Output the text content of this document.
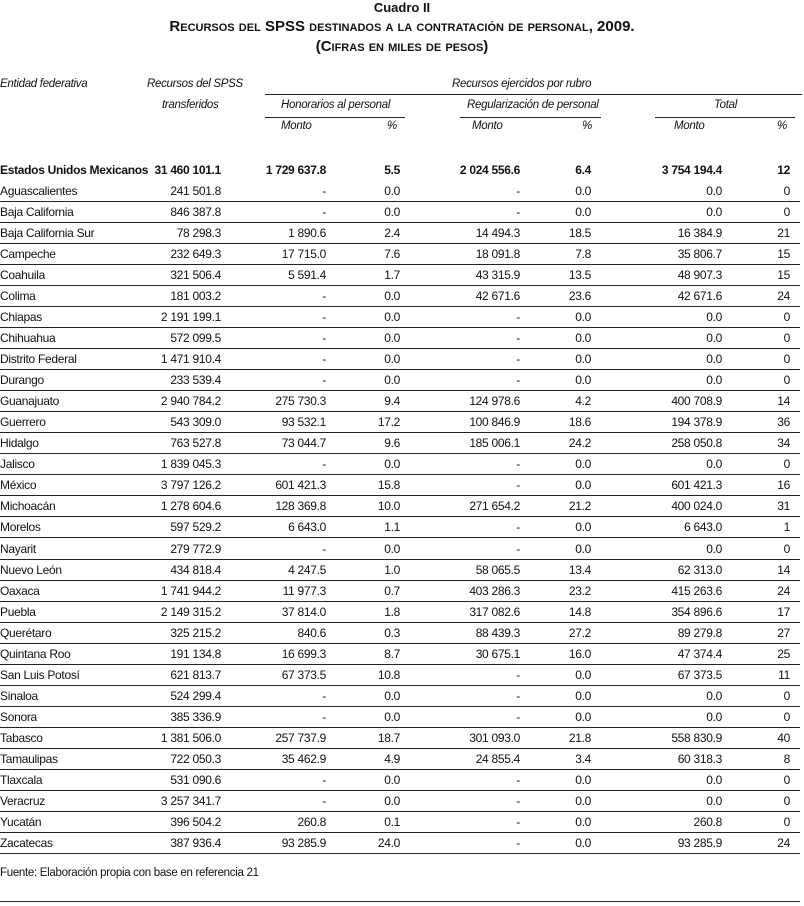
Cuadro II
Recursos del SPSS destinados a la contratación de personal, 2009.
(Cifras en miles de pesos)
Entidad federativa	Recursos del SPSS
transferidos
Recursos ejercidos por rubro
Honorarios al personal	Regularización de personal	Total
Monto	%	Monto	%	Monto	%
Estados Unidos Mexicanos 31 460 101.1	1 729 637.8	5.5	2 024 556.6	6.4	3 754 194.4	12
Aguascalientes	241 501.8	-	0.0	-	0.0	0.0	0
Baja California	846 387.8	-	0.0	-	0.0	0.0	0
Baja California Sur	78 298.3	1 890.6	2.4	14 494.3	18.5	16 384.9	21
Campeche	232 649.3	17 715.0	7.6	18 091.8	7.8	35 806.7	15
Coahuila	321 506.4	5 591.4	1.7	43 315.9	13.5	48 907.3	15
Colima	181 003.2	-	0.0	42 671.6	23.6	42 671.6	24
Chiapas	2 191 199.1	-	0.0	-	0.0	0.0	0
Chihuahua	572 099.5	-	0.0	-	0.0	0.0	0
Distrito Federal	1 471 910.4	-	0.0	-	0.0	0.0	0
Durango	233 539.4	-	0.0	-	0.0	0.0	0
Guanajuato	2 940 784.2	275 730.3	9.4	124 978.6	4.2	400 708.9	14
Guerrero	543 309.0	93 532.1	17.2	100 846.9	18.6	194 378.9	36
Hidalgo	763 527.8	73 044.7	9.6	185 006.1	24.2	258 050.8	34
Jalisco	1 839 045.3	-	0.0	-	0.0	0.0	0
México	3 797 126.2	601 421.3	15.8	-	0.0	601 421.3	16
Michoacán	1 278 604.6	128 369.8	10.0	271 654.2	21.2	400 024.0	31
Morelos	597 529.2	6 643.0	1.1	-	0.0	6 643.0	1
Nayarit	279 772.9	-	0.0	-	0.0	0.0	0
Nuevo León	434 818.4	4 247.5	1.0	58 065.5	13.4	62 313.0	14
Oaxaca	1 741 944.2	11 977.3	0.7	403 286.3	23.2	415 263.6	24
Puebla	2 149 315.2	37 814.0	1.8	317 082.6	14.8	354 896.6	17
Querétaro	325 215.2	840.6	0.3	88 439.3	27.2	89 279.8	27
Quintana Roo	191 134.8	16 699.3	8.7	30 675.1	16.0	47 374.4	25
San Luis Potosí	621 813.7	67 373.5	10.8	-	0.0	67 373.5	11
Sinaloa	524 299.4	-	0.0	-	0.0	0.0	0
Sonora	385 336.9	-	0.0	-	0.0	0.0	0
Tabasco	1 381 506.0	257 737.9	18.7	301 093.0	21.8	558 830.9	40
Tamaulipas	722 050.3	35 462.9	4.9	24 855.4	3.4	60 318.3	8
Tlaxcala	531 090.6	-	0.0	-	0.0	0.0	0
Veracruz	3 257 341.7	-	0.0	-	0.0	0.0	0
Yucatán	396 504.2	260.8	0.1	-	0.0	260.8	0
Zacatecas	387 936.4	93 285.9	24.0	-	0.0	93 285.9	24
Fuente: Elaboración propia con base en referencia 21
